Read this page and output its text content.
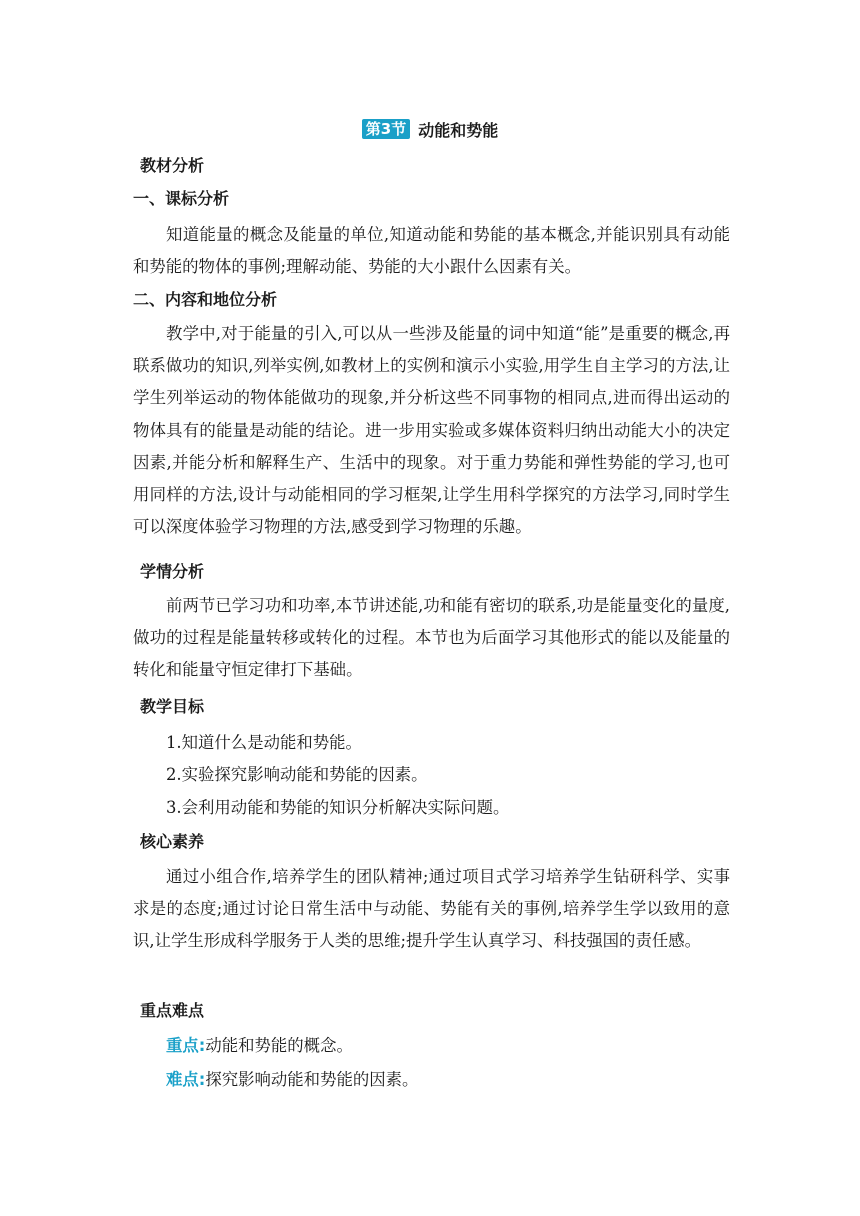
第3节 动能和势能
教材分析
一、课标分析

知道能量的概念及能量的单位,知道动能和势能的基本概念,并能识别具有动能和势能的物体的事例;理解动能、势能的大小跟什么因素有关。

二、内容和地位分析

教学中,对于能量的引入,可以从一些涉及能量的词中知道“能”是重要的概念,再联系做功的知识,列举实例,如教材上的实例和演示小实验,用学生自主学习的方法,让学生列举运动的物体能做功的现象,并分析这些不同事物的相同点,进而得出运动的物体具有的能量是动能的结论。进一步用实验或多媒体资料归纳出动能大小的决定因素,并能分析和解释生产、生活中的现象。对于重力势能和弹性势能的学习,也可用同样的方法,设计与动能相同的学习框架,让学生用科学探究的方法学习,同时学生可以深度体验学习物理的方法,感受到学习物理的乐趣。

学情分析

前两节已学习功和功率,本节讲述能,功和能有密切的联系,功是能量变化的量度,做功的过程是能量转移或转化的过程。本节也为后面学习其他形式的能以及能量的转化和能量守恒定律打下基础。

教学目标

1.知道什么是动能和势能。

2.实验探究影响动能和势能的因素。

3.会利用动能和势能的知识分析解决实际问题。

核心素养

通过小组合作,培养学生的团队精神;通过项目式学习培养学生钻研科学、实事求是的态度;通过讨论日常生活中与动能、势能有关的事例,培养学生学以致用的意识,让学生形成科学服务于人类的思维;提升学生认真学习、科技强国的责任感。

重点难点

重点:动能和势能的概念。

难点:探究影响动能和势能的因素。
